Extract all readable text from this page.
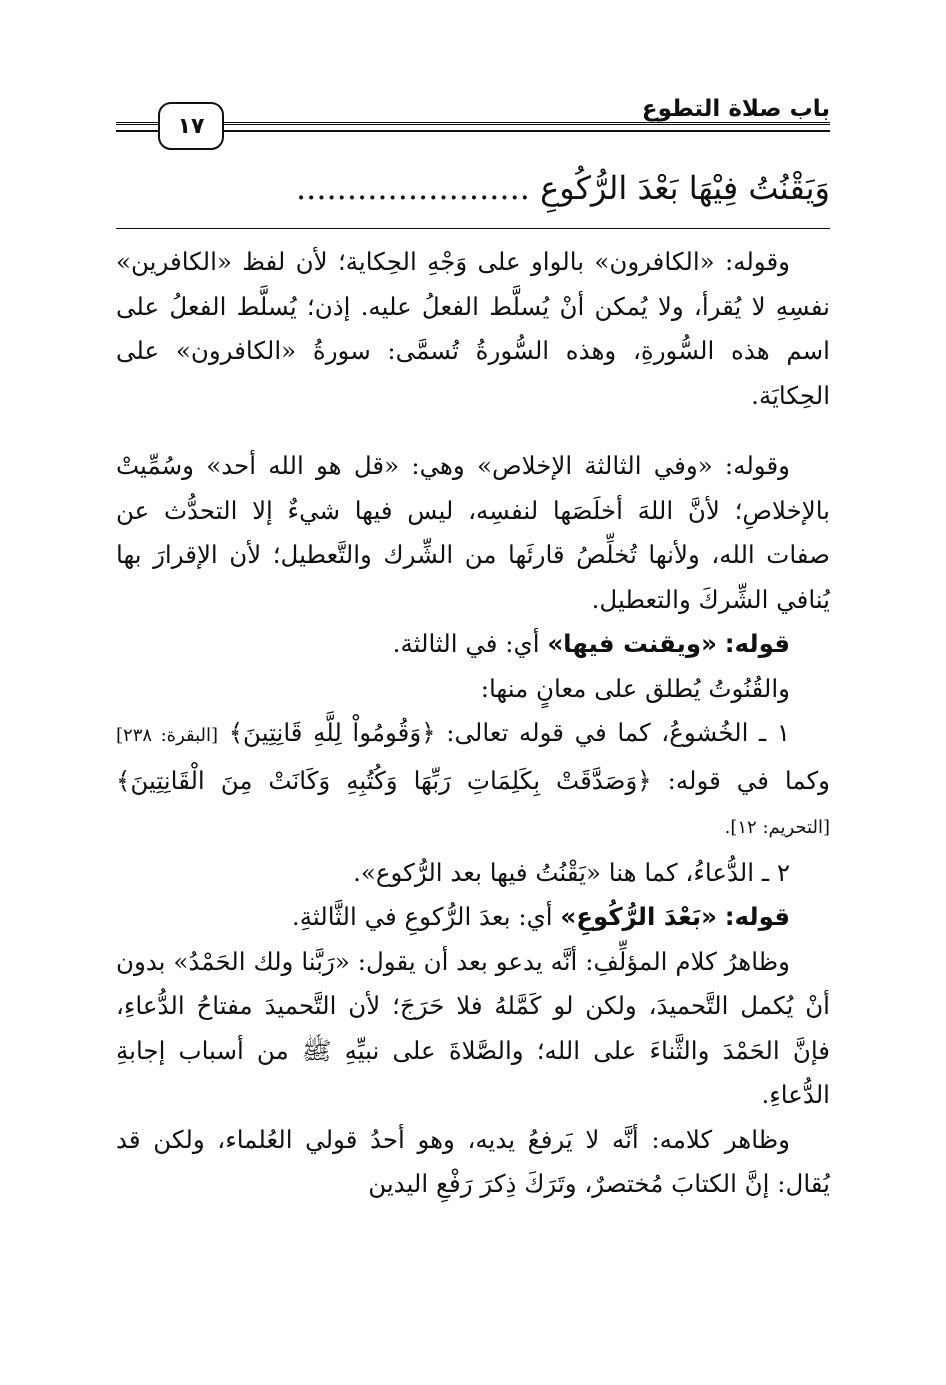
باب صلاة التطوع
١٧
وَيَقْنُتُ فِيْهَا بَعْدَ الرُّكُوعِ .......................

وقوله: «الكافرون» بالواو على وَجْهِ الحِكاية؛ لأن لفظ «الكافرين» نفسِهِ لا يُقرأ، ولا يُمكن أنْ يُسلَّط الفعلُ عليه. إذن؛ يُسلَّط الفعلُ على اسم هذه السُّورةِ، وهذه السُّورةُ تُسمَّى: سورةُ «الكافرون» على الحِكايَة.

وقوله: «وفي الثالثة الإخلاص» وهي: «قل هو الله أحد» وسُمِّيتْ بالإخلاصِ؛ لأنَّ اللهَ أخلَصَها لنفسِه، ليس فيها شيءٌ إلا التحدُّث عن صفات الله، ولأنها تُخلِّصُ قارئَها من الشِّرك والتَّعطيل؛ لأن الإقرارَ بها يُنافي الشِّركَ والتعطيل.

قوله: «ويقنت فيها» أي: في الثالثة.

والقُنُوتُ يُطلق على معانٍ منها:

١ ـ الخُشوعُ، كما في قوله تعالى: ﴿وَقُومُواْ لِلَّهِ قَانِتِينَ﴾ [البقرة: ٢٣٨] وكما في قوله: ﴿وَصَدَّقَتْ بِكَلِمَاتِ رَبِّهَا وَكُتُبِهِ وَكَانَتْ مِنَ الْقَانِتِينَ﴾ [التحريم: ١٢].

٢ ـ الدُّعاءُ، كما هنا «يَقْنُتُ فيها بعد الرُّكوع».

قوله: «بَعْدَ الرُّكُوعِ» أي: بعدَ الرُّكوعِ في الثَّالثةِ.

وظاهرُ كلام المؤلِّفِ: أنَّه يدعو بعد أن يقول: «رَبَّنا ولك الحَمْدُ» بدون أنْ يُكمل التَّحميدَ، ولكن لو كَمَّلهُ فلا حَرَجَ؛ لأن التَّحميدَ مفتاحُ الدُّعاءِ، فإنَّ الحَمْدَ والثَّناءَ على الله؛ والصَّلاةَ على نبيِّهِ ﷺ من أسباب إجابةِ الدُّعاءِ.

وظاهر كلامه: أنَّه لا يَرفعُ يديه، وهو أحدُ قولي العُلماء، ولكن قد يُقال: إنَّ الكتابَ مُختصرٌ، وتَرَكَ ذِكرَ رَفْعِ اليدين
